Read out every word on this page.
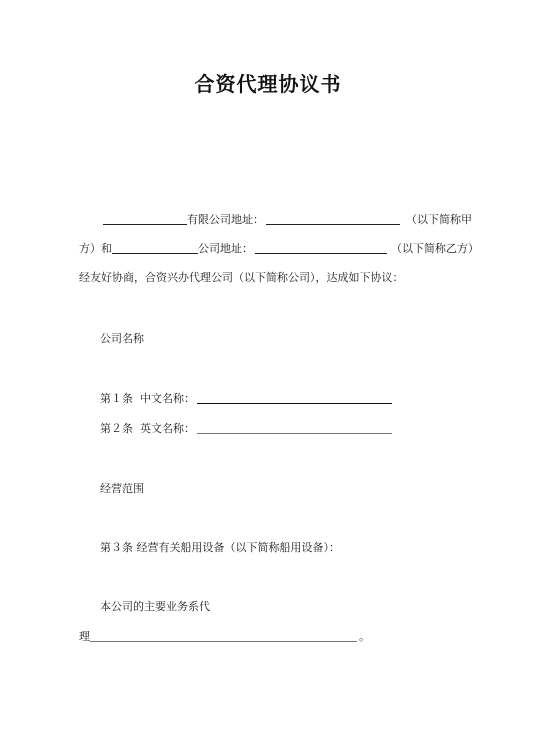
合资代理协议书
有限公司地址：	（以下简称甲
方）和	公司地址：	（以下简称乙方）
经友好协商，合资兴办代理公司（以下简称公司），达成如下协议：
公司名称
第１条 中文名称：
第２条 英文名称：
经营范围
第３条 经营有关船用设备（以下简称船用设备）：
本公司的主要业务系代
理	。
